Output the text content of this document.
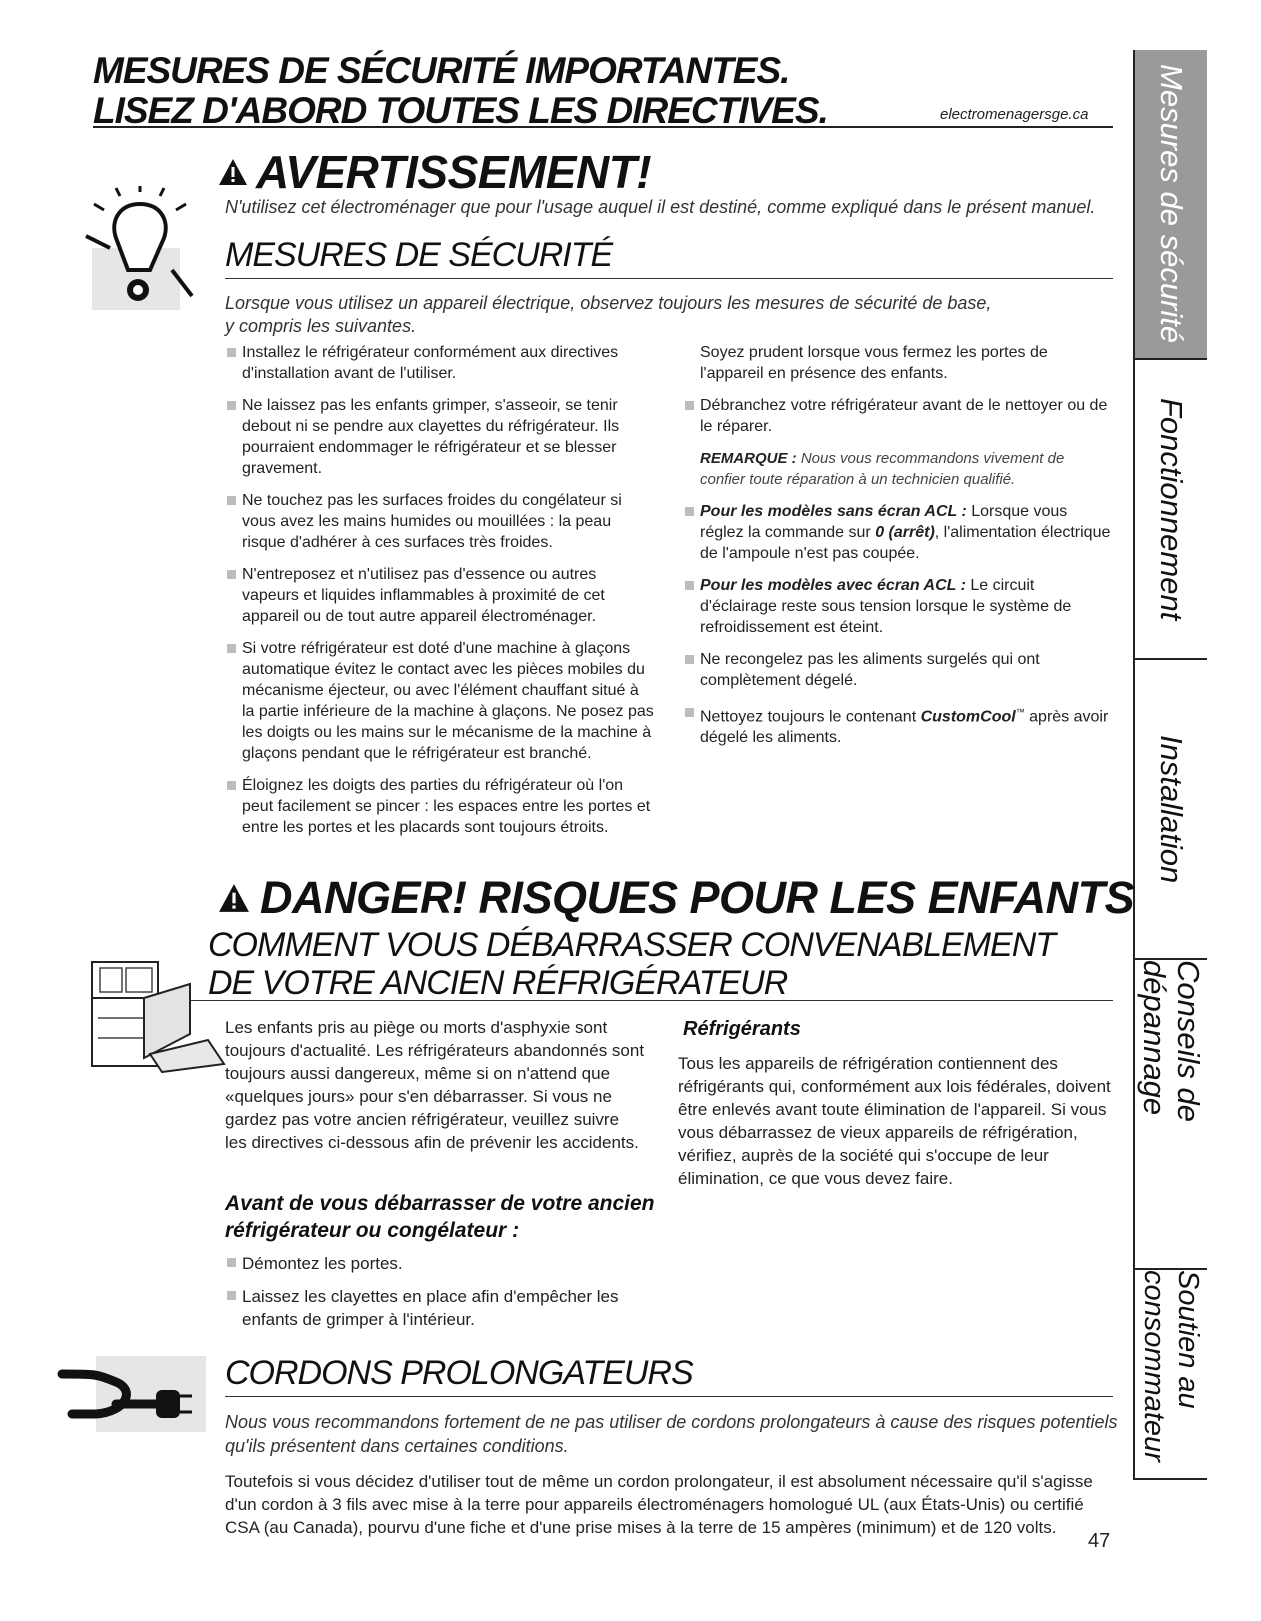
MESURES DE SÉCURITÉ IMPORTANTES.
LISEZ D'ABORD TOUTES LES DIRECTIVES.	electromenagersge.ca
AVERTISSEMENT!
N'utilisez cet électroménager que pour l'usage auquel il est destiné, comme expliqué dans le présent manuel.
MESURES DE SÉCURITÉ
Lorsque vous utilisez un appareil électrique, observez toujours les mesures de sécurité de base,
y compris les suivantes.
Installez le réfrigérateur conformément aux directives d'installation avant de l'utiliser.
Ne laissez pas les enfants grimper, s'asseoir, se tenir debout ni se pendre aux clayettes du réfrigérateur. Ils pourraient endommager le réfrigérateur et se blesser gravement.
Ne touchez pas les surfaces froides du congélateur si vous avez les mains humides ou mouillées : la peau risque d'adhérer à ces surfaces très froides.
N'entreposez et n'utilisez pas d'essence ou autres vapeurs et liquides inflammables à proximité de cet appareil ou de tout autre appareil électroménager.
Si votre réfrigérateur est doté d'une machine à glaçons automatique évitez le contact avec les pièces mobiles du mécanisme éjecteur, ou avec l'élément chauffant situé à la partie inférieure de la machine à glaçons. Ne posez pas les doigts ou les mains sur le mécanisme de la machine à glaçons pendant que le réfrigérateur est branché.
Éloignez les doigts des parties du réfrigérateur où l'on peut facilement se pincer : les espaces entre les portes et entre les portes et les placards sont toujours étroits.
Soyez prudent lorsque vous fermez les portes de l'appareil en présence des enfants.
Débranchez votre réfrigérateur avant de le nettoyer ou de le réparer.
REMARQUE : Nous vous recommandons vivement de confier toute réparation à un technicien qualifié.
Pour les modèles sans écran ACL : Lorsque vous réglez la commande sur 0 (arrêt), l'alimentation électrique de l'ampoule n'est pas coupée.
Pour les modèles avec écran ACL : Le circuit d'éclairage reste sous tension lorsque le système de refroidissement est éteint.
Ne recongelez pas les aliments surgelés qui ont complètement dégelé.
Nettoyez toujours le contenant CustomCool™ après avoir dégelé les aliments.
DANGER! RISQUES POUR LES ENFANTS
COMMENT VOUS DÉBARRASSER CONVENABLEMENT
DE VOTRE ANCIEN RÉFRIGÉRATEUR
Les enfants pris au piège ou morts d'asphyxie sont toujours d'actualité. Les réfrigérateurs abandonnés sont toujours aussi dangereux, même si on n'attend que «quelques jours» pour s'en débarrasser. Si vous ne gardez pas votre ancien réfrigérateur, veuillez suivre les directives ci-dessous afin de prévenir les accidents.
Avant de vous débarrasser de votre ancien réfrigérateur ou congélateur :
Démontez les portes.
Laissez les clayettes en place afin d'empêcher les enfants de grimper à l'intérieur.
Réfrigérants
Tous les appareils de réfrigération contiennent des réfrigérants qui, conformément aux lois fédérales, doivent être enlevés avant toute élimination de l'appareil. Si vous vous débarrassez de vieux appareils de réfrigération, vérifiez, auprès de la société qui s'occupe de leur élimination, ce que vous devez faire.
CORDONS PROLONGATEURS
Nous vous recommandons fortement de ne pas utiliser de cordons prolongateurs à cause des risques potentiels qu'ils présentent dans certaines conditions.
Toutefois si vous décidez d'utiliser tout de même un cordon prolongateur, il est absolument nécessaire qu'il s'agisse d'un cordon à 3 fils avec mise à la terre pour appareils électroménagers homologué UL (aux États-Unis) ou certifié CSA (au Canada), pourvu d'une fiche et d'une prise mises à la terre de 15 ampères (minimum) et de 120 volts.
47
Mesures de sécurité
Fonctionnement
Installation
Conseils de dépannage
Soutien au consommateur
